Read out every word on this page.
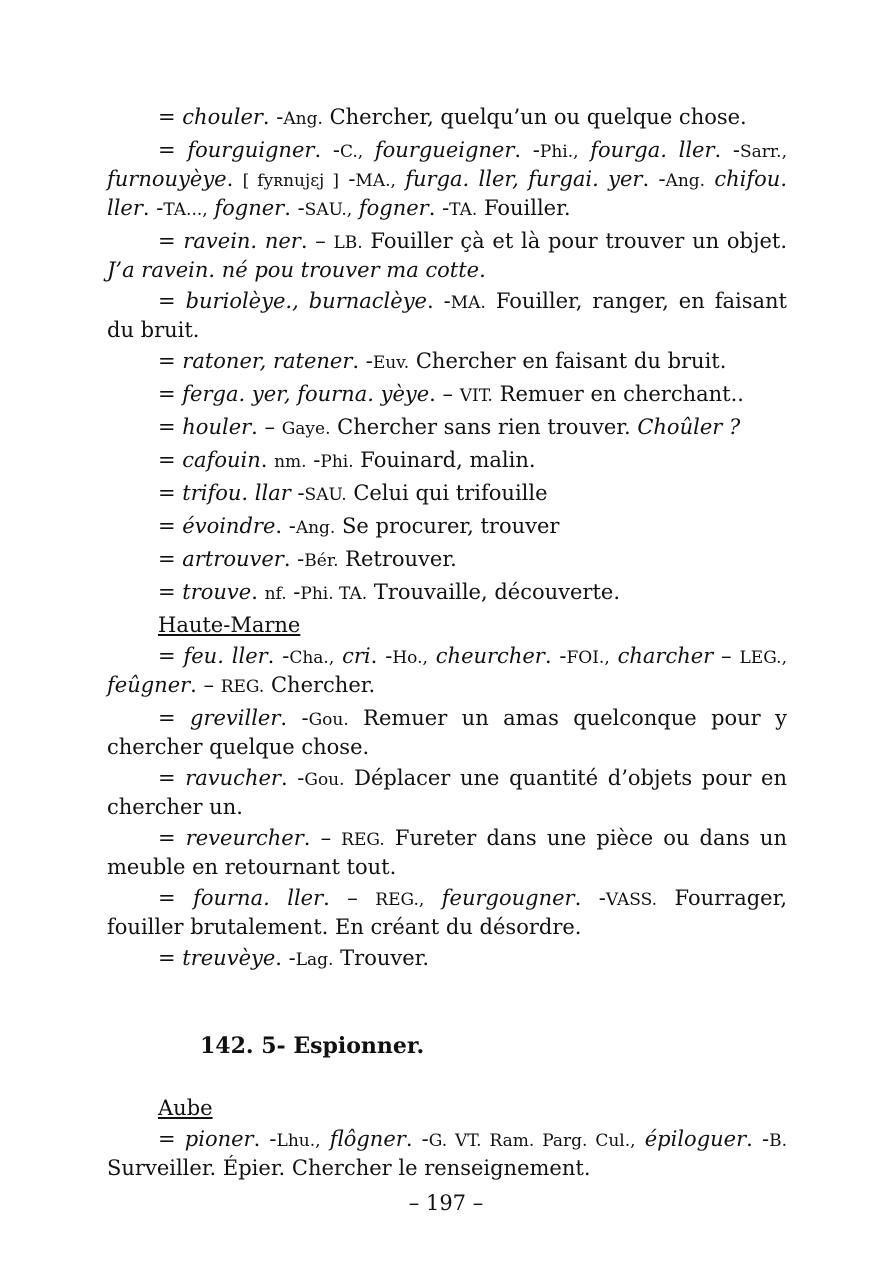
= chouler. -Ang. Chercher, quelqu’un ou quelque chose.

= fourguigner. -C., fourgueigner. -Phi., fourga. ller. -Sarr., furnouyèye. [ fyʀnujɛj ] -MA., furga. ller, furgai. yer. -Ang. chifou. ller. -TA..., fogner. -SAU., fogner. -TA. Fouiller.

= ravein. ner. – LB. Fouiller çà et là pour trouver un objet. J’a ravein. né pou trouver ma cotte.

= buriolèye., burnaclèye. -MA. Fouiller, ranger, en faisant du bruit.

= ratoner, ratener. -Euv. Chercher en faisant du bruit.

= ferga. yer, fourna. yèye. – VIT. Remuer en cherchant..

= houler. – Gaye. Chercher sans rien trouver. Choûler ?

= cafouin. nm. -Phi. Fouinard, malin.

= trifou. llar -SAU. Celui qui trifouille

= évoindre. -Ang. Se procurer, trouver

= artrouver. -Bér. Retrouver.

= trouve. nf. -Phi. TA. Trouvaille, découverte.

Haute-Marne

= feu. ller. -Cha., cri. -Ho., cheurcher. -FOI., charcher – LEG., feûgner. – REG. Chercher.

= greviller. -Gou. Remuer un amas quelconque pour y chercher quelque chose.

= ravucher. -Gou. Déplacer une quantité d’objets pour en chercher un.

= reveurcher. – REG. Fureter dans une pièce ou dans un meuble en retournant tout.

= fourna. ller. – REG., feurgougner. -VASS. Fourrager, fouiller brutalement. En créant du désordre.

= treuvèye. -Lag. Trouver.

142. 5- Espionner.
Aube

= pioner. -Lhu., flôgner. -G. VT. Ram. Parg. Cul., épiloguer. -B. Surveiller. Épier. Chercher le renseignement.

– 197 –
